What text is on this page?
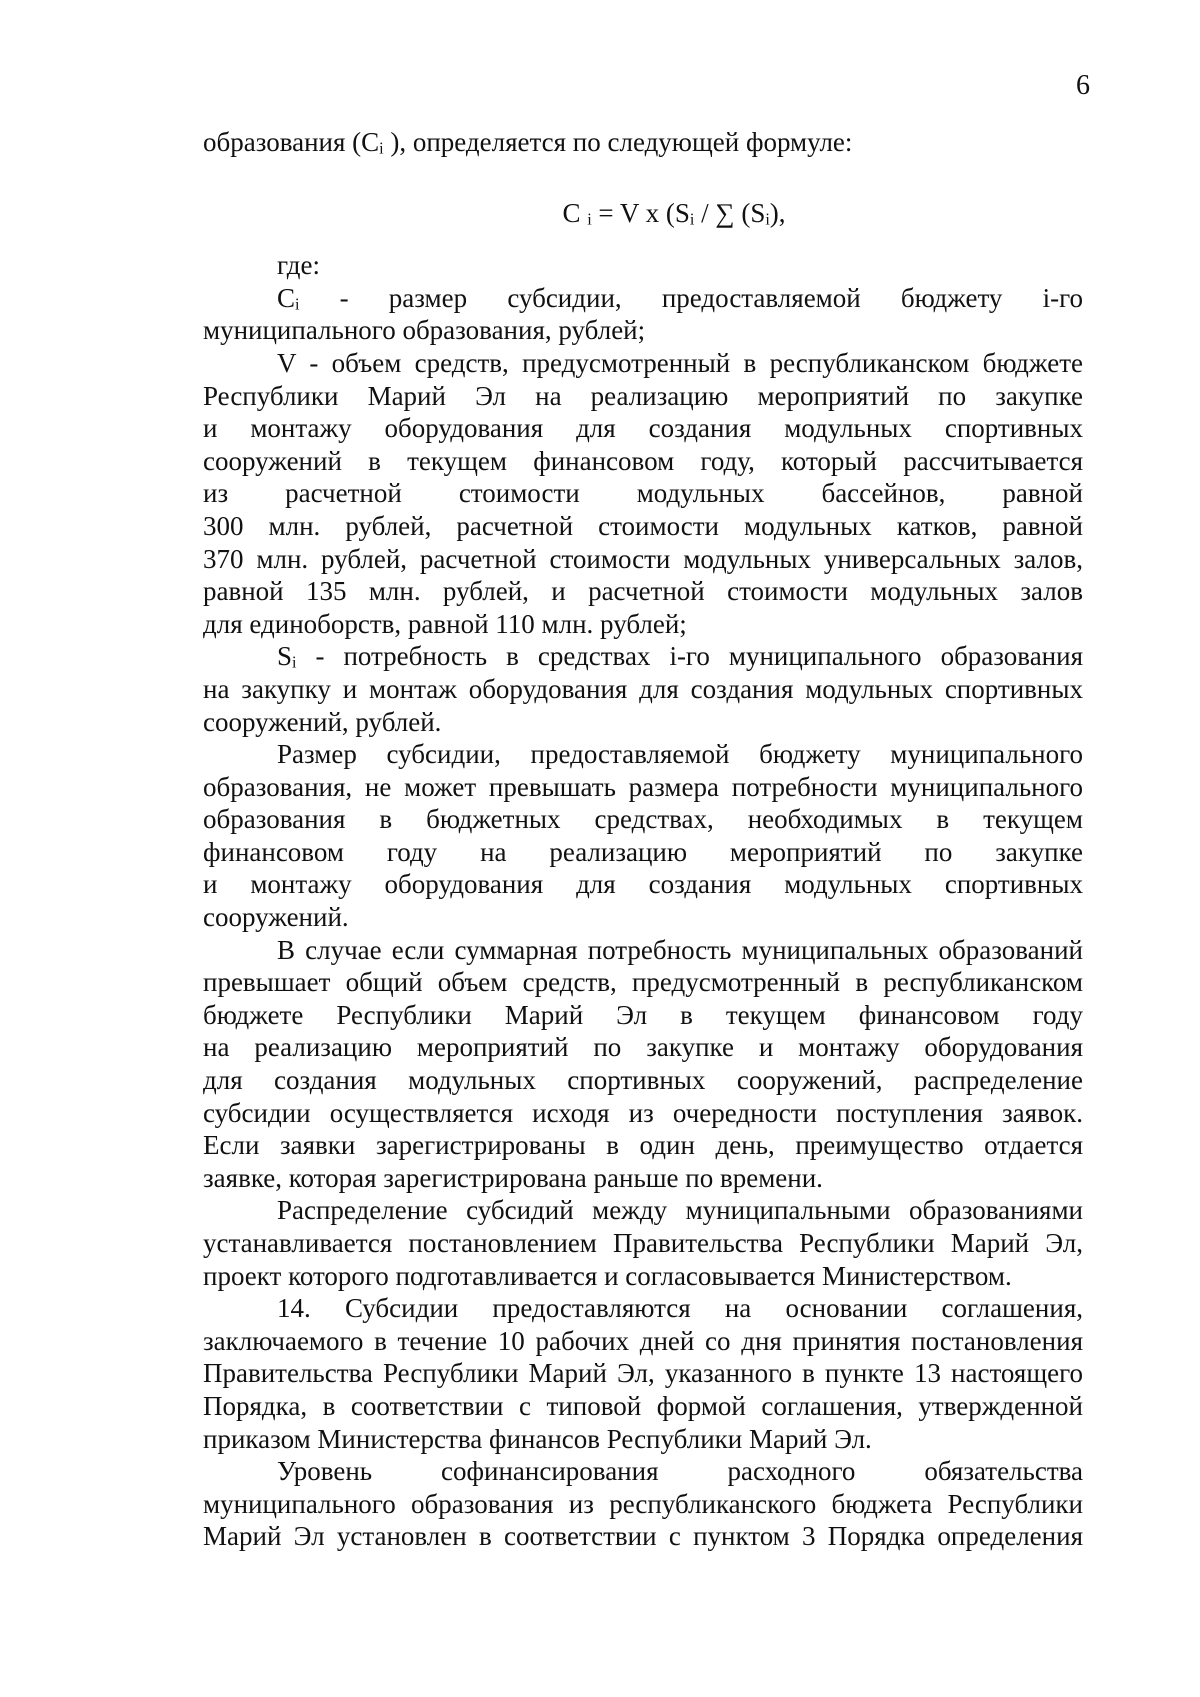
6
образования (Cᵢ ), определяется по следующей формуле:
C ᵢ = V x (Sᵢ / ∑ (Sᵢ),
где:
Cᵢ - размер субсидии, предоставляемой бюджету i-го
муниципального образования, рублей;
V - объем средств, предусмотренный в республиканском бюджете
Республики Марий Эл на реализацию мероприятий по закупке
и монтажу оборудования для создания модульных спортивных
сооружений в текущем финансовом году, который рассчитывается
из расчетной стоимости модульных бассейнов, равной
300 млн. рублей, расчетной стоимости модульных катков, равной
370 млн. рублей, расчетной стоимости модульных универсальных залов,
равной 135 млн. рублей, и расчетной стоимости модульных залов
для единоборств, равной 110 млн. рублей;
Sᵢ - потребность в средствах i-го муниципального образования
на закупку и монтаж оборудования для создания модульных спортивных
сооружений, рублей.
Размер субсидии, предоставляемой бюджету муниципального
образования, не может превышать размера потребности муниципального
образования в бюджетных средствах, необходимых в текущем
финансовом году на реализацию мероприятий по закупке
и монтажу оборудования для создания модульных спортивных
сооружений.
В случае если суммарная потребность муниципальных образований
превышает общий объем средств, предусмотренный в республиканском
бюджете Республики Марий Эл в текущем финансовом году
на реализацию мероприятий по закупке и монтажу оборудования
для создания модульных спортивных сооружений, распределение
субсидии осуществляется исходя из очередности поступления заявок.
Если заявки зарегистрированы в один день, преимущество отдается
заявке, которая зарегистрирована раньше по времени.
Распределение субсидий между муниципальными образованиями
устанавливается постановлением Правительства Республики Марий Эл,
проект которого подготавливается и согласовывается Министерством.
14. Субсидии предоставляются на основании соглашения,
заключаемого в течение 10 рабочих дней со дня принятия постановления
Правительства Республики Марий Эл, указанного в пункте 13 настоящего
Порядка, в соответствии с типовой формой соглашения, утвержденной
приказом Министерства финансов Республики Марий Эл.
Уровень софинансирования расходного обязательства
муниципального образования из республиканского бюджета Республики
Марий Эл установлен в соответствии с пунктом 3 Порядка определения
